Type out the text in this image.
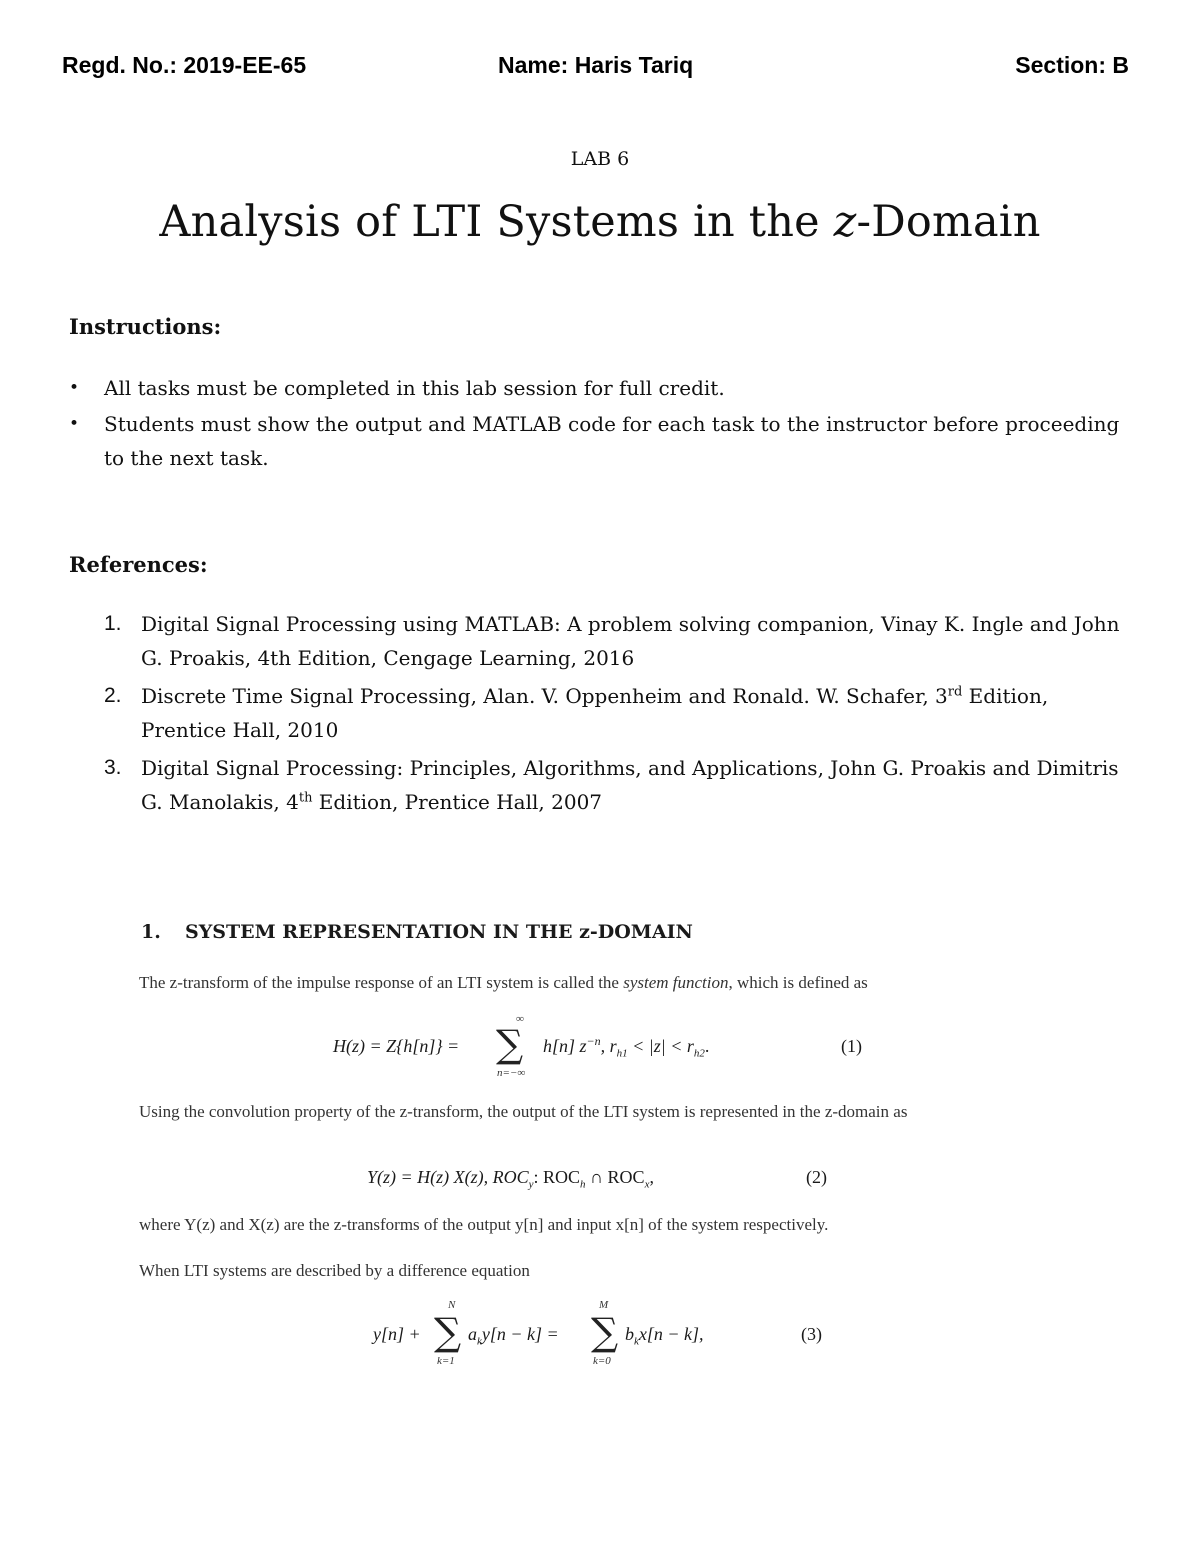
Regd. No.: 2019-EE-65	Name: Haris Tariq	Section: B
LAB 6
Analysis of LTI Systems in the z-Domain
Instructions:
• All tasks must be completed in this lab session for full credit.
• Students must show the output and MATLAB code for each task to the instructor before proceeding to the next task.
References:
1. Digital Signal Processing using MATLAB: A problem solving companion, Vinay K. Ingle and John G. Proakis, 4th Edition, Cengage Learning, 2016
2. Discrete Time Signal Processing, Alan. V. Oppenheim and Ronald. W. Schafer, 3rd Edition, Prentice Hall, 2010
3. Digital Signal Processing: Principles, Algorithms, and Applications, John G. Proakis and Dimitris G. Manolakis, 4th Edition, Prentice Hall, 2007
1. SYSTEM REPRESENTATION IN THE z-DOMAIN
The z-transform of the impulse response of an LTI system is called the system function, which is defined as
H(z) = Z{h[n]} = ∑
∞
n=−∞
h[n] $z^{-n}$, $r_{h1} < |z| < r_{h2}$.	(1)
Using the convolution property of the z-transform, the output of the LTI system is represented in the z-domain as
Y(z) = H(z) X(z), $ROC_y$: $ROC_h$ ∩ $ROC_x$,	(2)
where Y(z) and X(z) are the z-transforms of the output y[n] and input x[n] of the system respectively.
When LTI systems are described by a difference equation
y[n] + ∑
N
k=1
$a_ky[n - k]$ = ∑
M
k=0
$b_kx[n - k]$,	(3)
